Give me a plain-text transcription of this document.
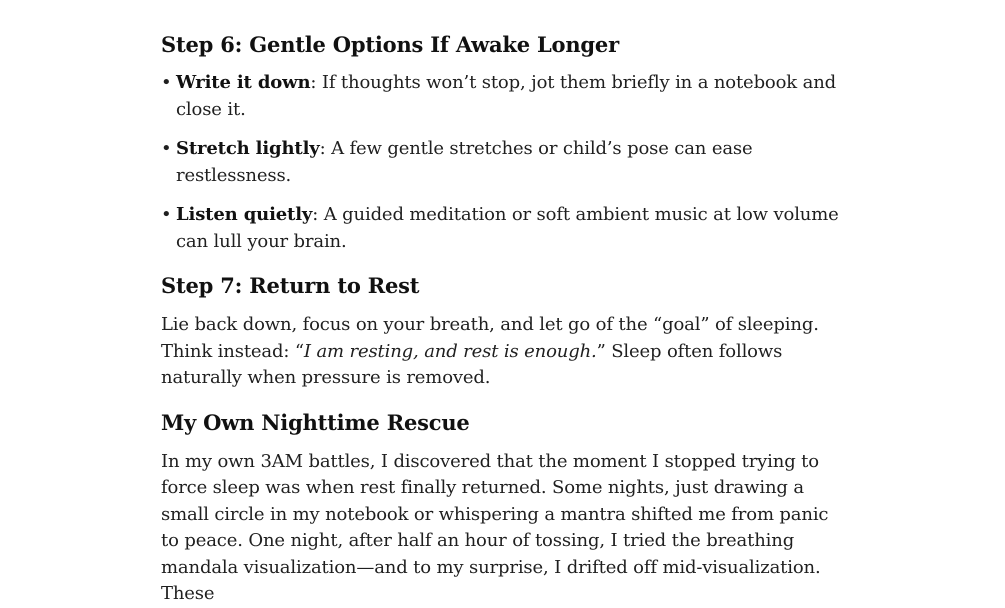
Step 6: Gentle Options If Awake Longer
• Write it down: If thoughts won’t stop, jot them briefly in a notebook and close it.
• Stretch lightly: A few gentle stretches or child’s pose can ease restlessness.
• Listen quietly: A guided meditation or soft ambient music at low volume can lull your brain.
Step 7: Return to Rest

Lie back down, focus on your breath, and let go of the “goal” of sleeping. Think instead: “I am resting, and rest is enough.” Sleep often follows naturally when pressure is removed.

My Own Nighttime Rescue

In my own 3AM battles, I discovered that the moment I stopped trying to force sleep was when rest finally returned. Some nights, just drawing a small circle in my notebook or whispering a mantra shifted me from panic to peace. One night, after half an hour of tossing, I tried the breathing mandala visualization—and to my surprise, I drifted off mid-visualization. These
